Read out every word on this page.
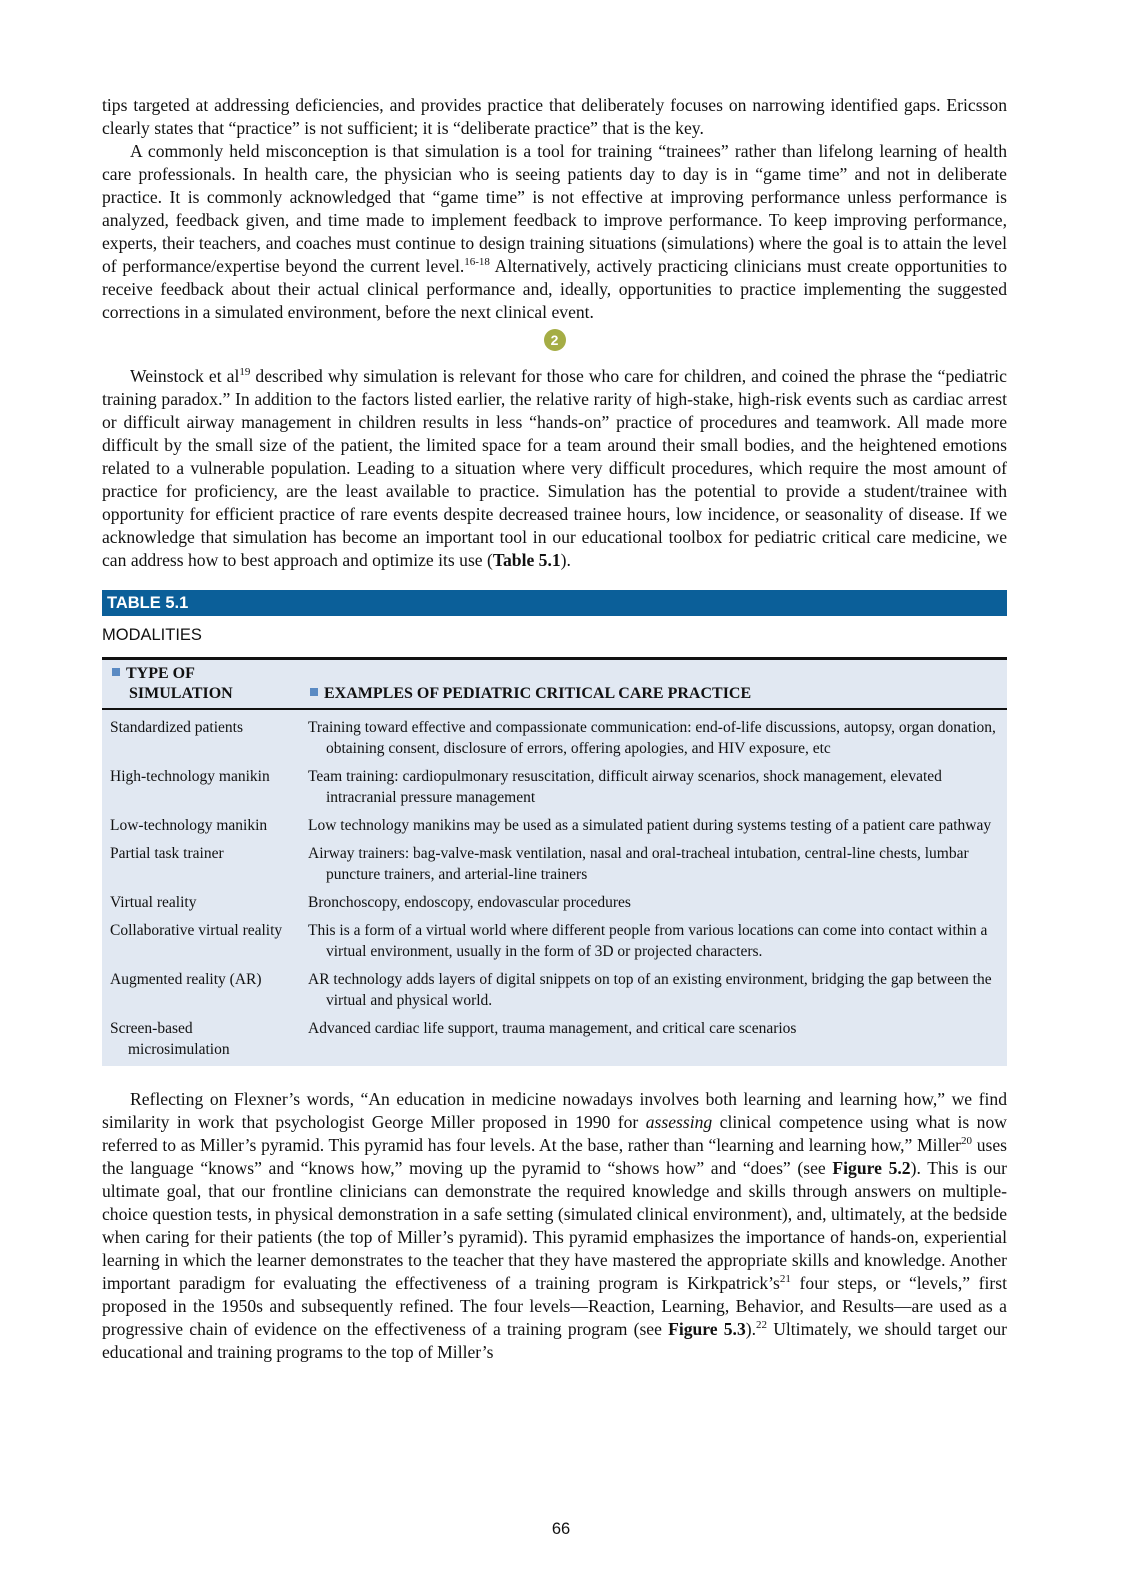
tips targeted at addressing deficiencies, and provides practice that deliberately focuses on narrowing identified gaps. Ericsson clearly states that “practice” is not sufficient; it is “deliberate practice” that is the key.

A commonly held misconception is that simulation is a tool for training “trainees” rather than lifelong learning of health care professionals. In health care, the physician who is seeing patients day to day is in “game time” and not in deliberate practice. It is commonly acknowledged that “game time” is not effective at improving performance unless performance is analyzed, feedback given, and time made to implement feedback to improve performance. To keep improving performance, experts, their teachers, and coaches must continue to design training situations (simulations) where the goal is to attain the level of performance/expertise beyond the current level.$^{16-18}$ Alternatively, actively practicing clinicians must create opportunities to receive feedback about their actual clinical performance and, ideally, opportunities to practice implementing the suggested corrections in a simulated environment, before the next clinical event.

2

Weinstock et $al^{19}$ described why simulation is relevant for those who care for children, and coined the phrase the “pediatric training paradox.” In addition to the factors listed earlier, the relative rarity of high-stake, high-risk events such as cardiac arrest or difficult airway management in children results in less “hands-on” practice of procedures and teamwork. All made more difficult by the small size of the patient, the limited space for a team around their small bodies, and the heightened emotions related to a vulnerable population. Leading to a situation where very difficult procedures, which require the most amount of practice for proficiency, are the least available to practice. Simulation has the potential to provide a student/trainee with opportunity for efficient practice of rare events despite decreased trainee hours, low incidence, or seasonality of disease. If we acknowledge that simulation has become an important tool in our educational toolbox for pediatric critical care medicine, we can address how to best approach and optimize its use (Table 5.1).

TABLE 5.1
MODALITIES
TYPE OF
SIMULATION	EXAMPLES OF PEDIATRIC CRITICAL CARE PRACTICE

Standardized patients	Training toward effective and compassionate communication: end-of-life discussions, autopsy, organ donation, obtaining consent, disclosure of errors, offering apologies, and HIV exposure, etc

High-technology manikin	Team training: cardiopulmonary resuscitation, difficult airway scenarios, shock management, elevated intracranial pressure management

Low-technology manikin	Low technology manikins may be used as a simulated patient during systems testing of a patient care pathway

Partial task trainer	Airway trainers: bag-valve-mask ventilation, nasal and oral-tracheal intubation, central-line chests, lumbar puncture trainers, and arterial-line trainers

Virtual reality	Bronchoscopy, endoscopy, endovascular procedures

Collaborative virtual reality	This is a form of a virtual world where different people from various locations can come into contact within a virtual environment, usually in the form of 3D or projected characters.

Augmented reality (AR)	AR technology adds layers of digital snippets on top of an existing environment, bridging the gap between the virtual and physical world.

Screen-based microsimulation	Advanced cardiac life support, trauma management, and critical care scenarios

Reflecting on Flexner’s words, “An education in medicine nowadays involves both learning and learning how,” we find similarity in work that psychologist George Miller proposed in 1990 for assessing clinical competence using what is now referred to as Miller’s pyramid. This pyramid has four levels. At the base, rather than “learning and learning how,” Miller$^{20}$ uses the language “knows” and “knows how,” moving up the pyramid to “shows how” and “does” (see Figure 5.2). This is our ultimate goal, that our frontline clinicians can demonstrate the required knowledge and skills through answers on multiple-choice question tests, in physical demonstration in a safe setting (simulated clinical environment), and, ultimately, at the bedside when caring for their patients (the top of Miller’s pyramid). This pyramid emphasizes the importance of hands-on, experiential learning in which the learner demonstrates to the teacher that they have mastered the appropriate skills and knowledge. Another important paradigm for evaluating the effectiveness of a training program is $Kirkpatrick’s^{21}$ four steps, or “levels,” first proposed in the 1950s and subsequently refined. The four levels—Reaction, Learning, Behavior, and Results—are used as a progressive chain of evidence on the effectiveness of a training program (see Figure 5.3).$^{22}$ Ultimately, we should target our educational and training programs to the top of Miller’s

66
